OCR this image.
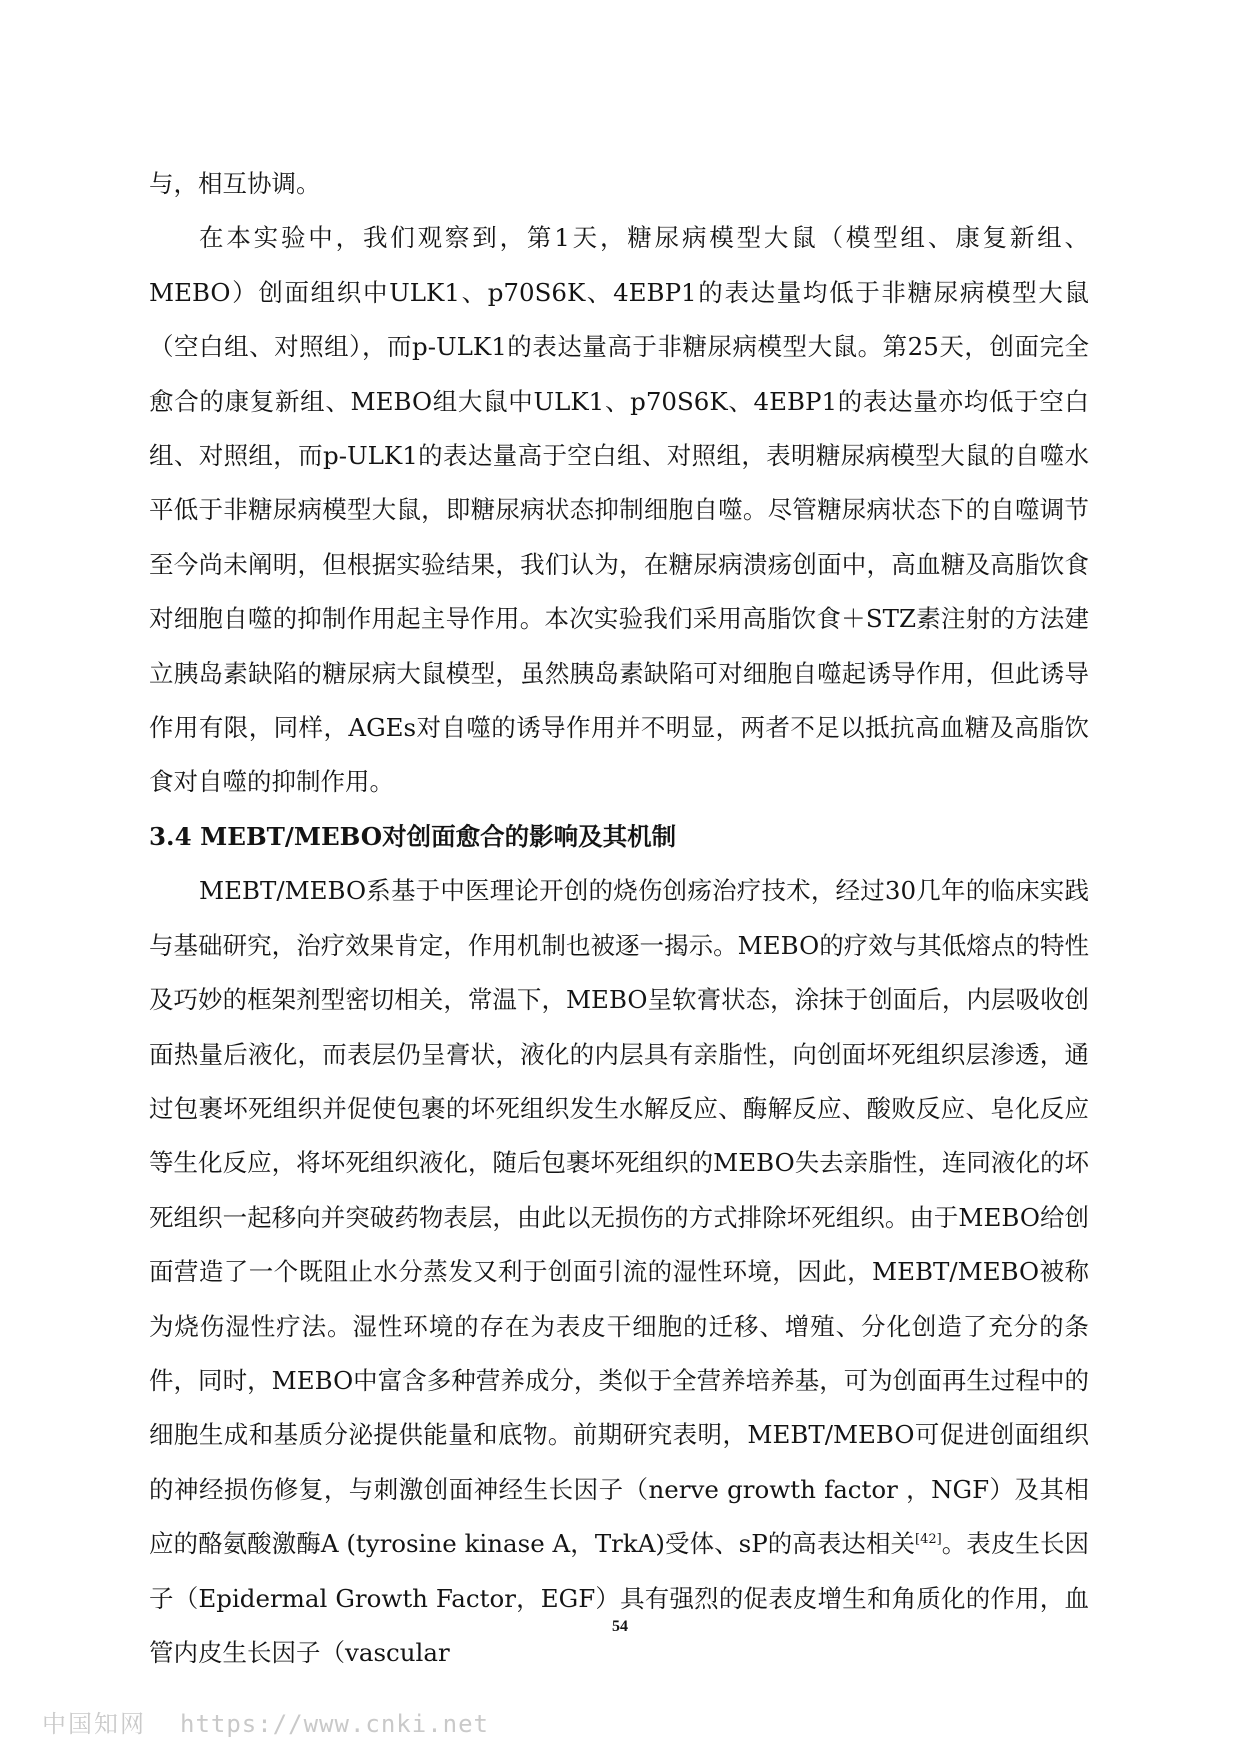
与，相互协调。

在本实验中，我们观察到，第1天，糖尿病模型大鼠（模型组、康复新组、MEBO）创面组织中ULK1、p70S6K、4EBP1的表达量均低于非糖尿病模型大鼠（空白组、对照组），而p-ULK1的表达量高于非糖尿病模型大鼠。第25天，创面完全愈合的康复新组、MEBO组大鼠中ULK1、p70S6K、4EBP1的表达量亦均低于空白组、对照组，而p-ULK1的表达量高于空白组、对照组，表明糖尿病模型大鼠的自噬水平低于非糖尿病模型大鼠，即糖尿病状态抑制细胞自噬。尽管糖尿病状态下的自噬调节至今尚未阐明，但根据实验结果，我们认为，在糖尿病溃疡创面中，高血糖及高脂饮食对细胞自噬的抑制作用起主导作用。本次实验我们采用高脂饮食＋STZ素注射的方法建立胰岛素缺陷的糖尿病大鼠模型，虽然胰岛素缺陷可对细胞自噬起诱导作用，但此诱导作用有限，同样，AGEs对自噬的诱导作用并不明显，两者不足以抵抗高血糖及高脂饮食对自噬的抑制作用。

3.4 MEBT/MEBO对创面愈合的影响及其机制

MEBT/MEBO系基于中医理论开创的烧伤创疡治疗技术，经过30几年的临床实践与基础研究，治疗效果肯定，作用机制也被逐一揭示。MEBO的疗效与其低熔点的特性及巧妙的框架剂型密切相关，常温下，MEBO呈软膏状态，涂抹于创面后，内层吸收创面热量后液化，而表层仍呈膏状，液化的内层具有亲脂性，向创面坏死组织层渗透，通过包裹坏死组织并促使包裹的坏死组织发生水解反应、酶解反应、酸败反应、皂化反应等生化反应，将坏死组织液化，随后包裹坏死组织的MEBO失去亲脂性，连同液化的坏死组织一起移向并突破药物表层，由此以无损伤的方式排除坏死组织。由于MEBO给创面营造了一个既阻止水分蒸发又利于创面引流的湿性环境，因此，MEBT/MEBO被称为烧伤湿性疗法。湿性环境的存在为表皮干细胞的迁移、增殖、分化创造了充分的条件，同时，MEBO中富含多种营养成分，类似于全营养培养基，可为创面再生过程中的细胞生成和基质分泌提供能量和底物。前期研究表明，MEBT/MEBO可促进创面组织的神经损伤修复，与刺激创面神经生长因子（nerve growth factor ，NGF）及其相应的酪氨酸激酶A (tyrosine kinase A，TrkA)受体、sP的高表达相关[42]。表皮生长因子（Epidermal Growth Factor，EGF）具有强烈的促表皮增生和角质化的作用，血管内皮生长因子（vascular

54
中国知网 https://www.cnki.net
